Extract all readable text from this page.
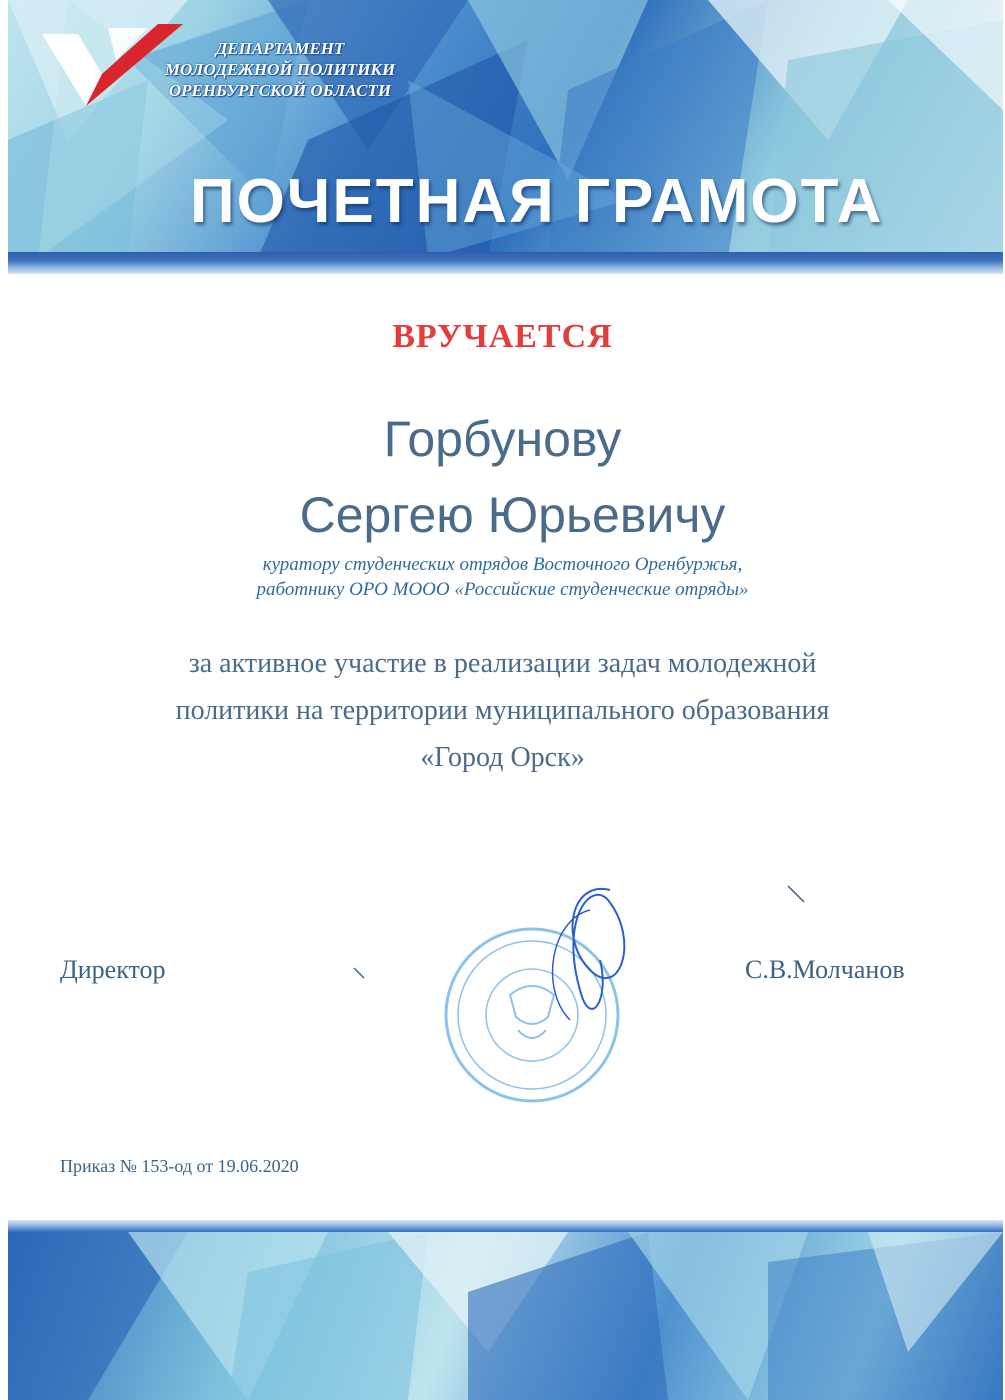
ДЕПАРТАМЕНТ
МОЛОДЕЖНОЙ ПОЛИТИКИ
ОРЕНБУРГСКОЙ ОБЛАСТИ
ПОЧЕТНАЯ ГРАМОТА
ВРУЧАЕТСЯ
Горбунову
Сергею Юрьевичу
куратору студенческих отрядов Восточного Оренбуржья,
работнику ОРО МООО «Российские студенческие отряды»
за активное участие в реализации задач молодежной
политики на территории муниципального образования
«Город Орск»
Директор	С.В.Молчанов
Приказ № 153-од от 19.06.2020
